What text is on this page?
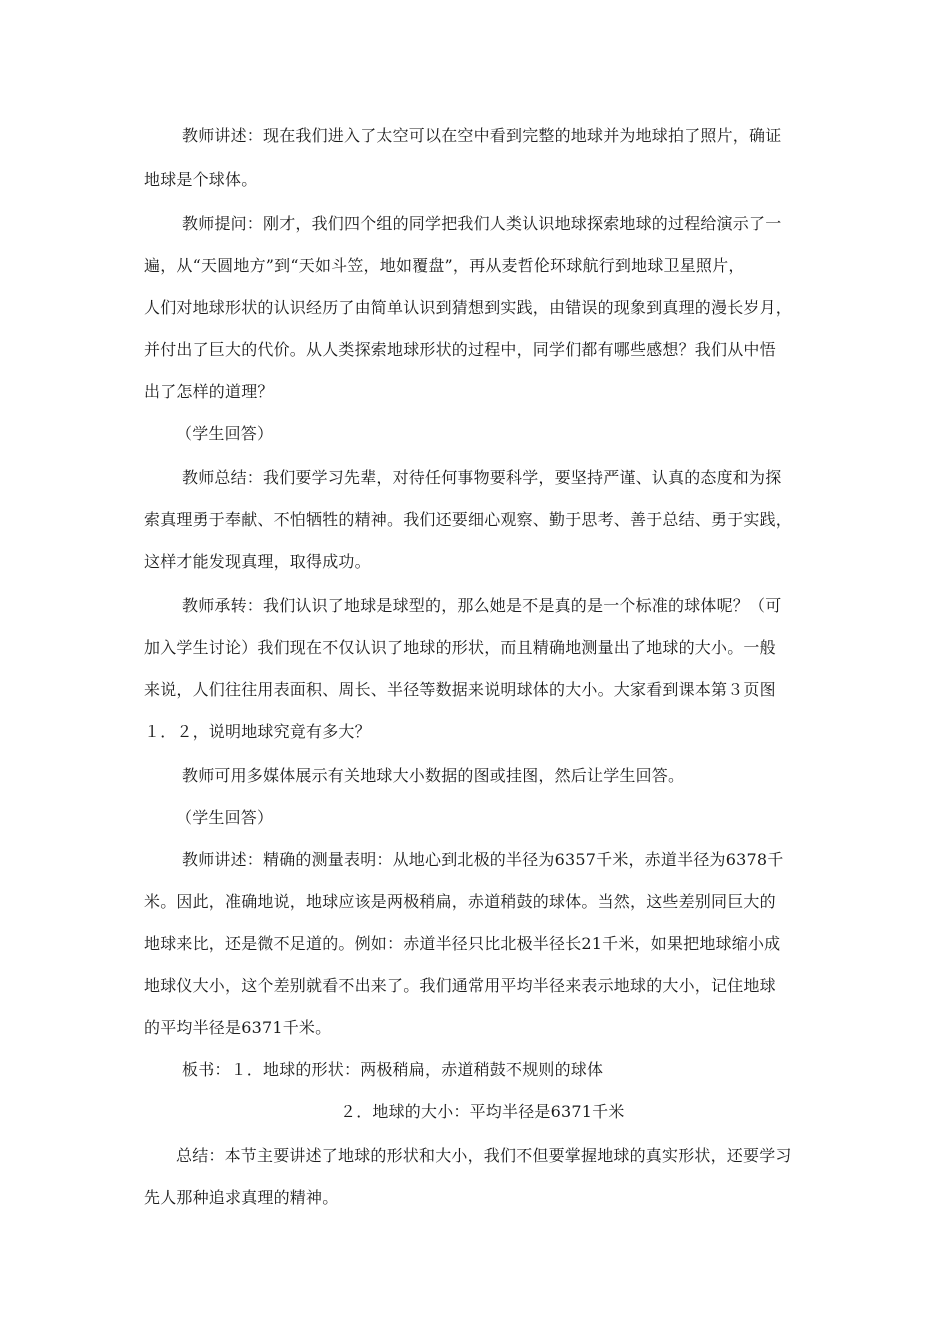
教师讲述：现在我们进入了太空可以在空中看到完整的地球并为地球拍了照片，确证
地球是个球体。
教师提问：刚才，我们四个组的同学把我们人类认识地球探索地球的过程给演示了一
遍，从“天圆地方”到“天如斗笠，地如覆盘”，再从麦哲伦环球航行到地球卫星照片，
人们对地球形状的认识经历了由简单认识到猜想到实践，由错误的现象到真理的漫长岁月，
并付出了巨大的代价。从人类探索地球形状的过程中，同学们都有哪些感想？我们从中悟
出了怎样的道理？
（学生回答）
教师总结：我们要学习先辈，对待任何事物要科学，要坚持严谨、认真的态度和为探
索真理勇于奉献、不怕牺牲的精神。我们还要细心观察、勤于思考、善于总结、勇于实践，
这样才能发现真理，取得成功。
教师承转：我们认识了地球是球型的，那么她是不是真的是一个标准的球体呢？（可
加入学生讨论）我们现在不仅认识了地球的形状，而且精确地测量出了地球的大小。一般
来说，人们往往用表面积、周长、半径等数据来说明球体的大小。大家看到课本第３页图
１．２，说明地球究竟有多大？
教师可用多媒体展示有关地球大小数据的图或挂图，然后让学生回答。
（学生回答）
教师讲述：精确的测量表明：从地心到北极的半径为6357千米，赤道半径为6378千
米。因此，准确地说，地球应该是两极稍扁，赤道稍鼓的球体。当然，这些差别同巨大的
地球来比，还是微不足道的。例如：赤道半径只比北极半径长21千米，如果把地球缩小成
地球仪大小，这个差别就看不出来了。我们通常用平均半径来表示地球的大小，记住地球
的平均半径是6371千米。
板书：１．地球的形状：两极稍扁，赤道稍鼓不规则的球体
２．地球的大小：平均半径是6371千米
总结：本节主要讲述了地球的形状和大小，我们不但要掌握地球的真实形状，还要学习
先人那种追求真理的精神。
